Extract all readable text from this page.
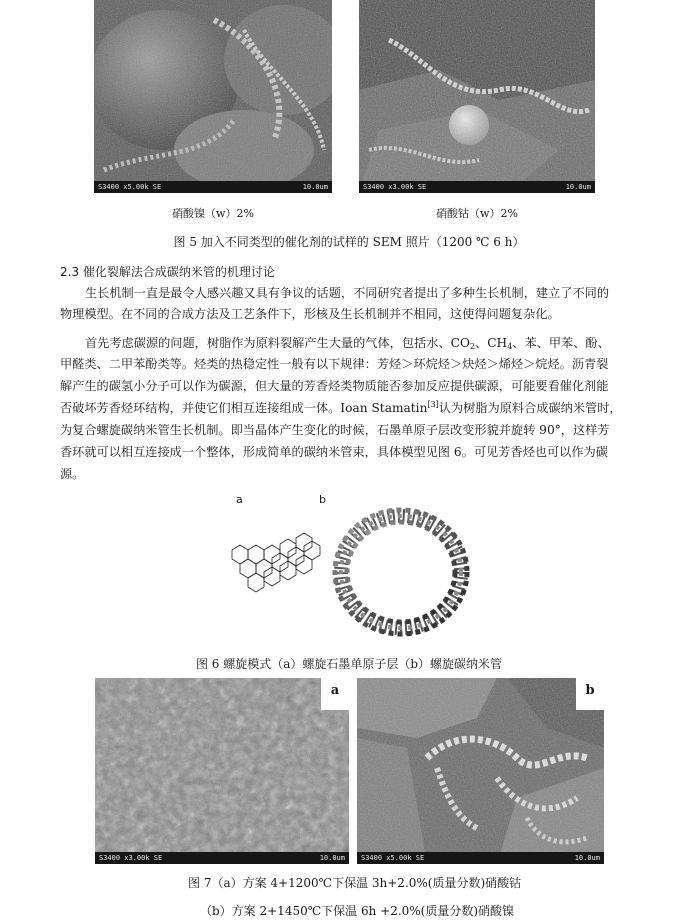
S3400 x5.00k SE	10.0um	S3400 x3.00k SE	10.0um
硝酸镍（w）2%	硝酸钴（w）2%
图 5 加入不同类型的催化剂的试样的 SEM 照片（1200 ℃ 6 h）
2.3 催化裂解法合成碳纳米管的机理讨论
生长机制一直是最令人感兴趣又具有争议的话题，不同研究者提出了多种生长机制，建立了不同的
物理模型。在不同的合成方法及工艺条件下，形核及生长机制并不相同，这使得问题复杂化。
首先考虑碳源的问题，树脂作为原料裂解产生大量的气体，包括水、$CO_2$、$CH_4$、苯、甲苯、酚、
甲醛类、二甲苯酚类等。烃类的热稳定性一般有以下规律：芳烃＞环烷烃＞炔烃＞烯烃＞烷烃。沥青裂
解产生的碳氢小分子可以作为碳源，但大量的芳香烃类物质能否参加反应提供碳源，可能要看催化剂能
否破坏芳香烃环结构，并使它们相互连接组成一体。Ioan Stamatin[3]认为树脂为原料合成碳纳米管时，
为复合螺旋碳纳米管生长机制。即当晶体产生变化的时候，石墨单原子层改变形貌并旋转 90°，这样芳
香环就可以相互连接成一个整体，形成简单的碳纳米管束，具体模型见图 6。可见芳香烃也可以作为碳
源。
a	b
图 6 螺旋模式（a）螺旋石墨单原子层（b）螺旋碳纳米管
a
S3400 x3.00k SE	10.0um
b
S3400 x5.00k SE	10.0um
图 7（a）方案 4+1200℃下保温 3h+2.0%(质量分数)硝酸钴
（b）方案 2+1450℃下保温 6h +2.0%(质量分数)硝酸镍
